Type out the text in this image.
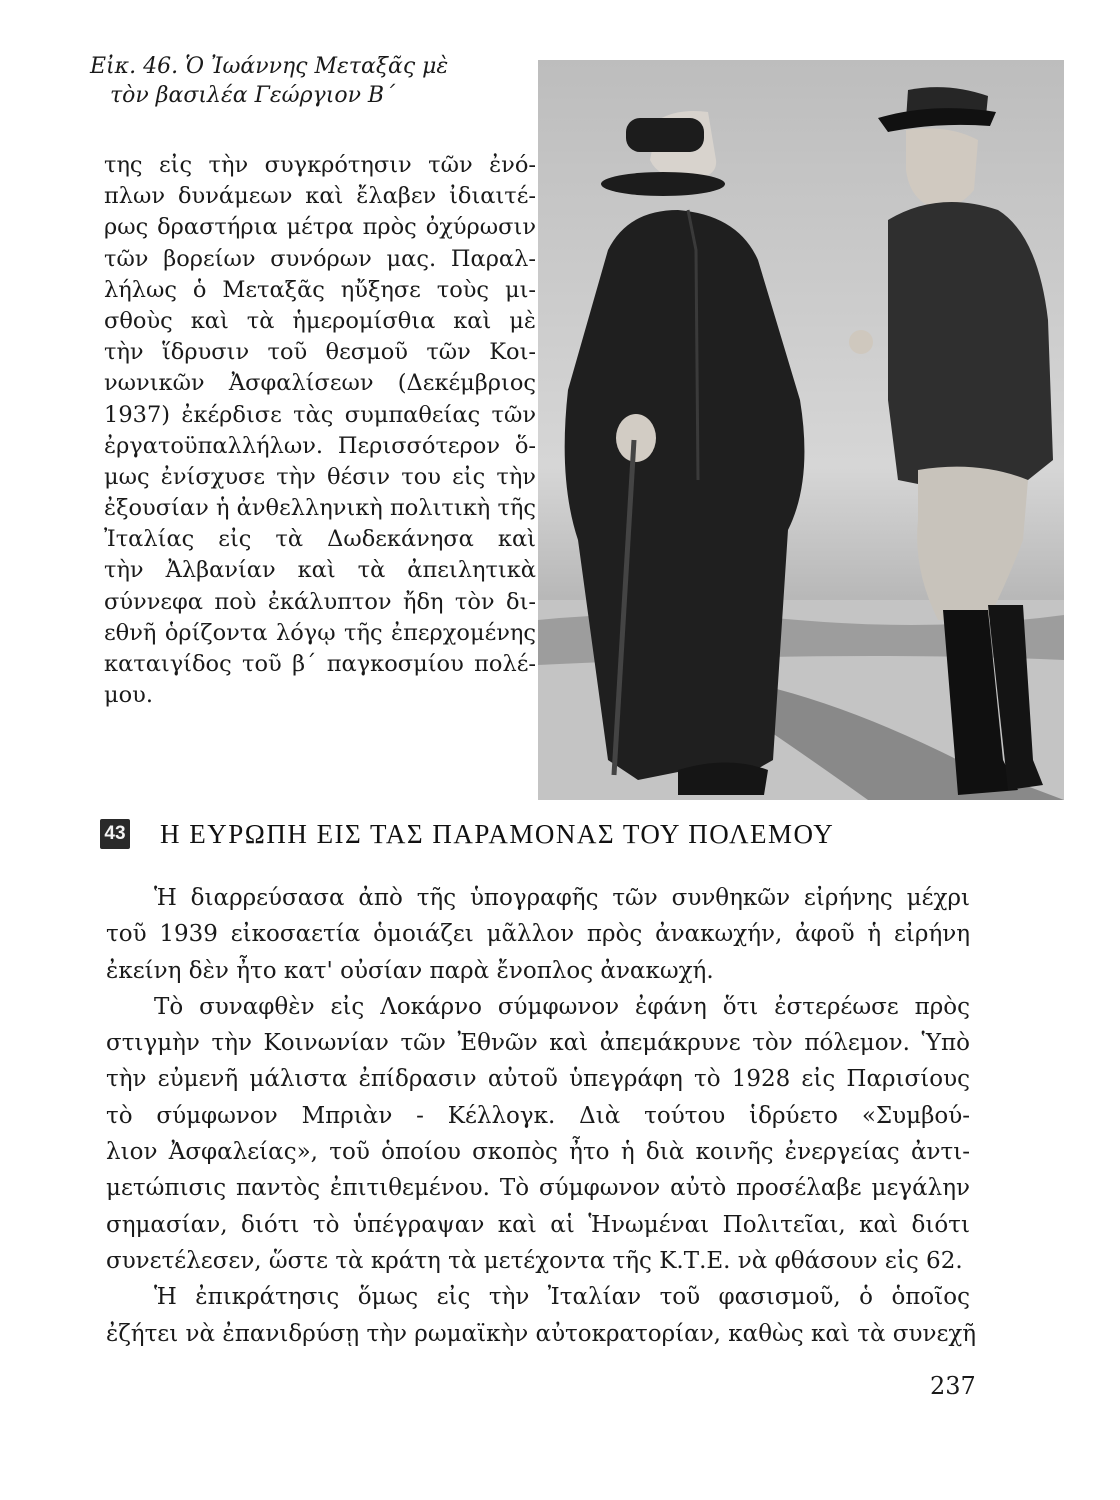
Εἰκ. 46. Ὁ Ἰωάννης Μεταξᾶς μὲ
τὸν βασιλέα Γεώργιον Β΄
της εἰς τὴν συγκρότησιν τῶν ἐνό-
πλων δυνάμεων καὶ ἔλαβεν ἰδιαιτέ-
ρως δραστήρια μέτρα πρὸς ὀχύρωσιν
τῶν βορείων συνόρων μας. Παραλ-
λήλως ὁ Μεταξᾶς ηὔξησε τοὺς μι-
σθοὺς καὶ τὰ ἡμερομίσθια καὶ μὲ
τὴν ἵδρυσιν τοῦ θεσμοῦ τῶν Κοι-
νωνικῶν Ἀσφαλίσεων (Δεκέμβριος
1937) ἐκέρδισε τὰς συμπαθείας τῶν
ἐργατοϋπαλλήλων. Περισσότερον ὅ-
μως ἐνίσχυσε τὴν θέσιν του εἰς τὴν
ἐξουσίαν ἡ ἀνθελληνικὴ πολιτικὴ τῆς
Ἰταλίας εἰς τὰ Δωδεκάνησα καὶ
τὴν Ἀλβανίαν καὶ τὰ ἀπειλητικὰ
σύννεφα ποὺ ἐκάλυπτον ἤδη τὸν δι-
εθνῆ ὁρίζοντα λόγῳ τῆς ἐπερχομένης
καταιγίδος τοῦ β΄ παγκοσμίου πολέ-
μου.
43 Η ΕΥΡΩΠΗ ΕΙΣ ΤΑΣ ΠΑΡΑΜΟΝΑΣ ΤΟΥ ΠΟΛΕΜΟΥ
Ἡ διαρρεύσασα ἀπὸ τῆς ὑπογραφῆς τῶν συνθηκῶν εἰρήνης μέχρι
τοῦ 1939 εἰκοσαετία ὁμοιάζει μᾶλλον πρὸς ἀνακωχήν, ἀφοῦ ἡ εἰρήνη
ἐκείνη δὲν ἦτο κατ' οὐσίαν παρὰ ἔνοπλος ἀνακωχή.
Τὸ συναφθὲν εἰς Λοκάρνο σύμφωνον ἐφάνη ὅτι ἐστερέωσε πρὸς
στιγμὴν τὴν Κοινωνίαν τῶν Ἐθνῶν καὶ ἀπεμάκρυνε τὸν πόλεμον. Ὑπὸ
τὴν εὐμενῆ μάλιστα ἐπίδρασιν αὐτοῦ ὑπεγράφη τὸ 1928 εἰς Παρισίους
τὸ σύμφωνον Μπριὰν - Κέλλογκ. Διὰ τούτου ἱδρύετο «Συμβού-
λιον Ἀσφαλείας», τοῦ ὁποίου σκοπὸς ἦτο ἡ διὰ κοινῆς ἐνεργείας ἀντι-
μετώπισις παντὸς ἐπιτιθεμένου. Τὸ σύμφωνον αὐτὸ προσέλαβε μεγάλην
σημασίαν, διότι τὸ ὑπέγραψαν καὶ αἱ Ἡνωμέναι Πολιτεῖαι, καὶ διότι
συνετέλεσεν, ὥστε τὰ κράτη τὰ μετέχοντα τῆς Κ.Τ.Ε. νὰ φθάσουν εἰς 62.
Ἡ ἐπικράτησις ὅμως εἰς τὴν Ἰταλίαν τοῦ φασισμοῦ, ὁ ὁποῖος
ἐζήτει νὰ ἐπανιδρύσῃ τὴν ρωμαϊκὴν αὐτοκρατορίαν, καθὼς καὶ τὰ συνεχῆ
237
